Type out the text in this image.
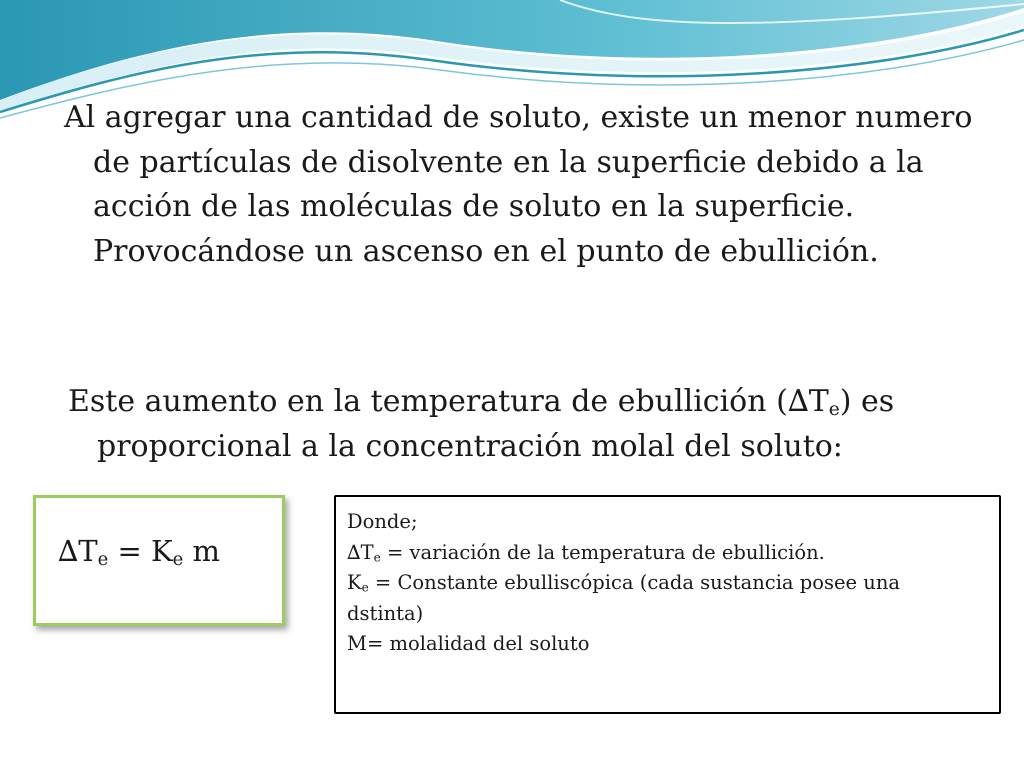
Al agregar una cantidad de soluto, existe un menor numero de partículas de disolvente en la superficie debido a la acción de las moléculas de soluto en la superficie. Provocándose un ascenso en el punto de ebullición.

Este aumento en la temperatura de ebullición $(\Delta T_e)$ es proporcional a la concentración molal del soluto:

$\Delta T_e = K_e$ m
Donde;
$\Delta T_e$ = variación de la temperatura de ebullición.
$K_e$ = Constante ebulliscópica (cada sustancia posee una dstinta)
M= molalidad del soluto
